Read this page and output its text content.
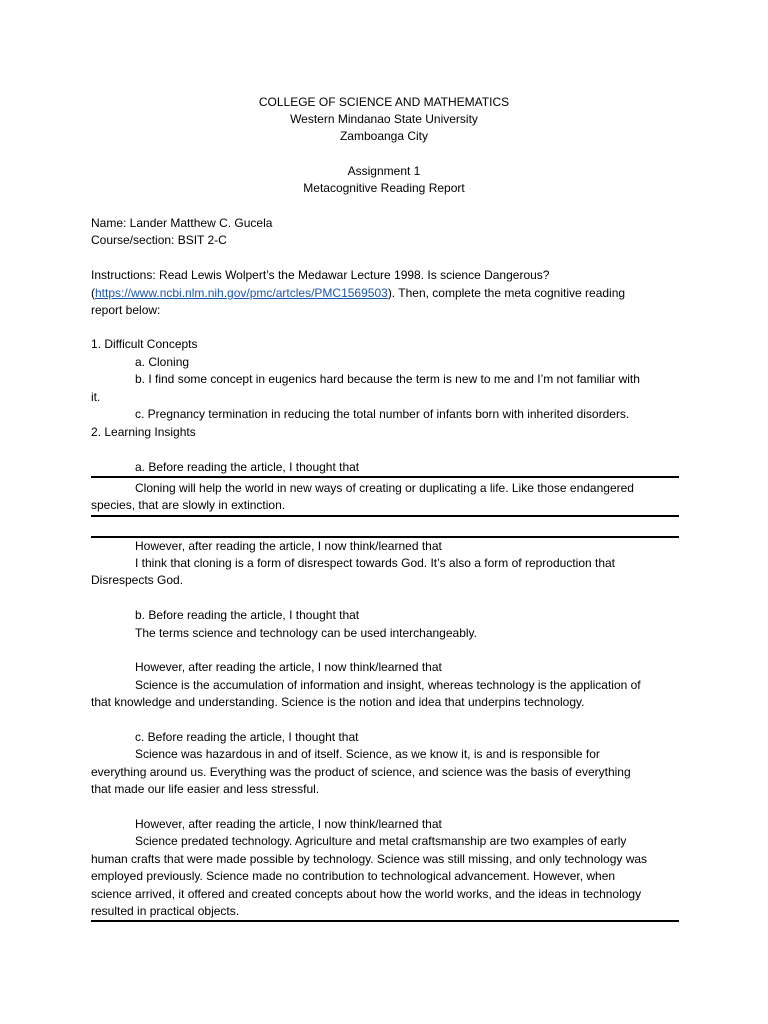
COLLEGE OF SCIENCE AND MATHEMATICS
Western Mindanao State University
Zamboanga City
Assignment 1
Metacognitive Reading Report
Name: Lander Matthew C. Gucela
Course/section: BSIT 2-C
Instructions: Read Lewis Wolpert’s the Medawar Lecture 1998. Is science Dangerous?
(https://www.ncbi.nlm.nih.gov/pmc/artcles/PMC1569503). Then, complete the meta cognitive reading
report below:
1. Difficult Concepts
a. Cloning
b. I find some concept in eugenics hard because the term is new to me and I’m not familiar with
it.
c. Pregnancy termination in reducing the total number of infants born with inherited disorders.
2. Learning Insights
a. Before reading the article, I thought that
Cloning will help the world in new ways of creating or duplicating a life. Like those endangered
species, that are slowly in extinction.
However, after reading the article, I now think/learned that
I think that cloning is a form of disrespect towards God. It’s also a form of reproduction that
Disrespects God.
b. Before reading the article, I thought that
The terms science and technology can be used interchangeably.
However, after reading the article, I now think/learned that
Science is the accumulation of information and insight, whereas technology is the application of
that knowledge and understanding. Science is the notion and idea that underpins technology.
c. Before reading the article, I thought that
Science was hazardous in and of itself. Science, as we know it, is and is responsible for
everything around us. Everything was the product of science, and science was the basis of everything
that made our life easier and less stressful.
However, after reading the article, I now think/learned that
Science predated technology. Agriculture and metal craftsmanship are two examples of early
human crafts that were made possible by technology. Science was still missing, and only technology was
employed previously. Science made no contribution to technological advancement. However, when
science arrived, it offered and created concepts about how the world works, and the ideas in technology
resulted in practical objects.
